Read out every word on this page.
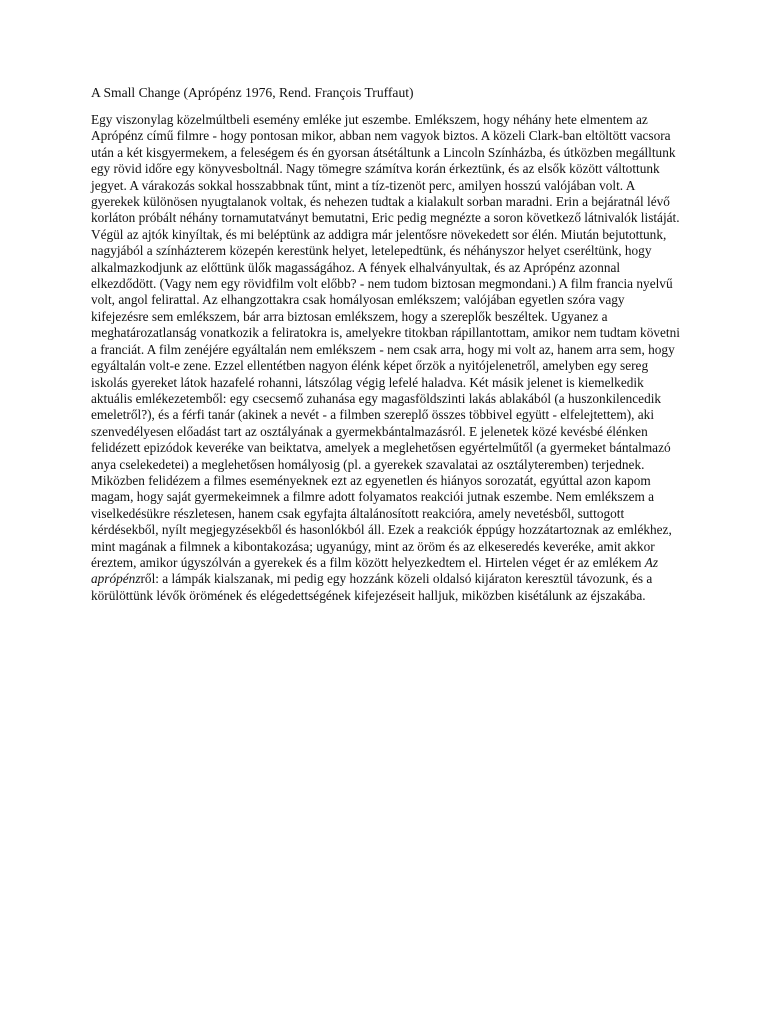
A Small Change (Aprópénz 1976, Rend. François Truffaut)

Egy viszonylag közelmúltbeli esemény emléke jut eszembe. Emlékszem, hogy néhány hete elmentem az Aprópénz című filmre - hogy pontosan mikor, abban nem vagyok biztos. A közeli Clark-ban eltöltött vacsora után a két kisgyermekem, a feleségem és én gyorsan átsétáltunk a Lincoln Színházba, és útközben megálltunk egy rövid időre egy könyvesboltnál. Nagy tömegre számítva korán érkeztünk, és az elsők között váltottunk jegyet. A várakozás sokkal hosszabbnak tűnt, mint a tíz-tizenöt perc, amilyen hosszú valójában volt. A gyerekek különösen nyugtalanok voltak, és nehezen tudtak a kialakult sorban maradni. Erin a bejáratnál lévő korláton próbált néhány tornamutatványt bemutatni, Eric pedig megnézte a soron következő látnivalók listáját. Végül az ajtók kinyíltak, és mi beléptünk az addigra már jelentősre növekedett sor élén. Miután bejutottunk, nagyjából a színházterem közepén kerestünk helyet, letelepedtünk, és néhányszor helyet cseréltünk, hogy alkalmazkodjunk az előttünk ülők magasságához. A fények elhalványultak, és az Aprópénz azonnal elkezdődött. (Vagy nem egy rövidfilm volt előbb? - nem tudom biztosan megmondani.) A film francia nyelvű volt, angol felirattal. Az elhangzottakra csak homályosan emlékszem; valójában egyetlen szóra vagy kifejezésre sem emlékszem, bár arra biztosan emlékszem, hogy a szereplők beszéltek. Ugyanez a meghatározatlanság vonatkozik a feliratokra is, amelyekre titokban rápillantottam, amikor nem tudtam követni a franciát. A film zenéjére egyáltalán nem emlékszem - nem csak arra, hogy mi volt az, hanem arra sem, hogy egyáltalán volt-e zene. Ezzel ellentétben nagyon élénk képet őrzök a nyitójelenetről, amelyben egy sereg iskolás gyereket látok hazafelé rohanni, látszólag végig lefelé haladva. Két másik jelenet is kiemelkedik aktuális emlékezetemből: egy csecsemő zuhanása egy magasföldszinti lakás ablakából (a huszonkilencedik emeletről?), és a férfi tanár (akinek a nevét - a filmben szereplő összes többivel együtt - elfelejtettem), aki szenvedélyesen előadást tart az osztályának a gyermekbántalmazásról. E jelenetek közé kevésbé élénken felidézett epizódok keveréke van beiktatva, amelyek a meglehetősen egyértelműtől (a gyermeket bántalmazó anya cselekedetei) a meglehetősen homályosig (pl. a gyerekek szavalatai az osztályteremben) terjednek. Miközben felidézem a filmes eseményeknek ezt az egyenetlen és hiányos sorozatát, egyúttal azon kapom magam, hogy saját gyermekeimnek a filmre adott folyamatos reakciói jutnak eszembe. Nem emlékszem a viselkedésükre részletesen, hanem csak egyfajta általánosított reakcióra, amely nevetésből, suttogott kérdésekből, nyílt megjegyzésekből és hasonlókból áll. Ezek a reakciók éppúgy hozzátartoznak az emlékhez, mint magának a filmnek a kibontakozása; ugyanúgy, mint az öröm és az elkeseredés keveréke, amit akkor éreztem, amikor úgyszólván a gyerekek és a film között helyezkedtem el. Hirtelen véget ér az emlékem Az aprópénzről: a lámpák kialszanak, mi pedig egy hozzánk közeli oldalsó kijáraton keresztül távozunk, és a körülöttünk lévők örömének és elégedettségének kifejezéseit halljuk, miközben kisétálunk az éjszakába.
